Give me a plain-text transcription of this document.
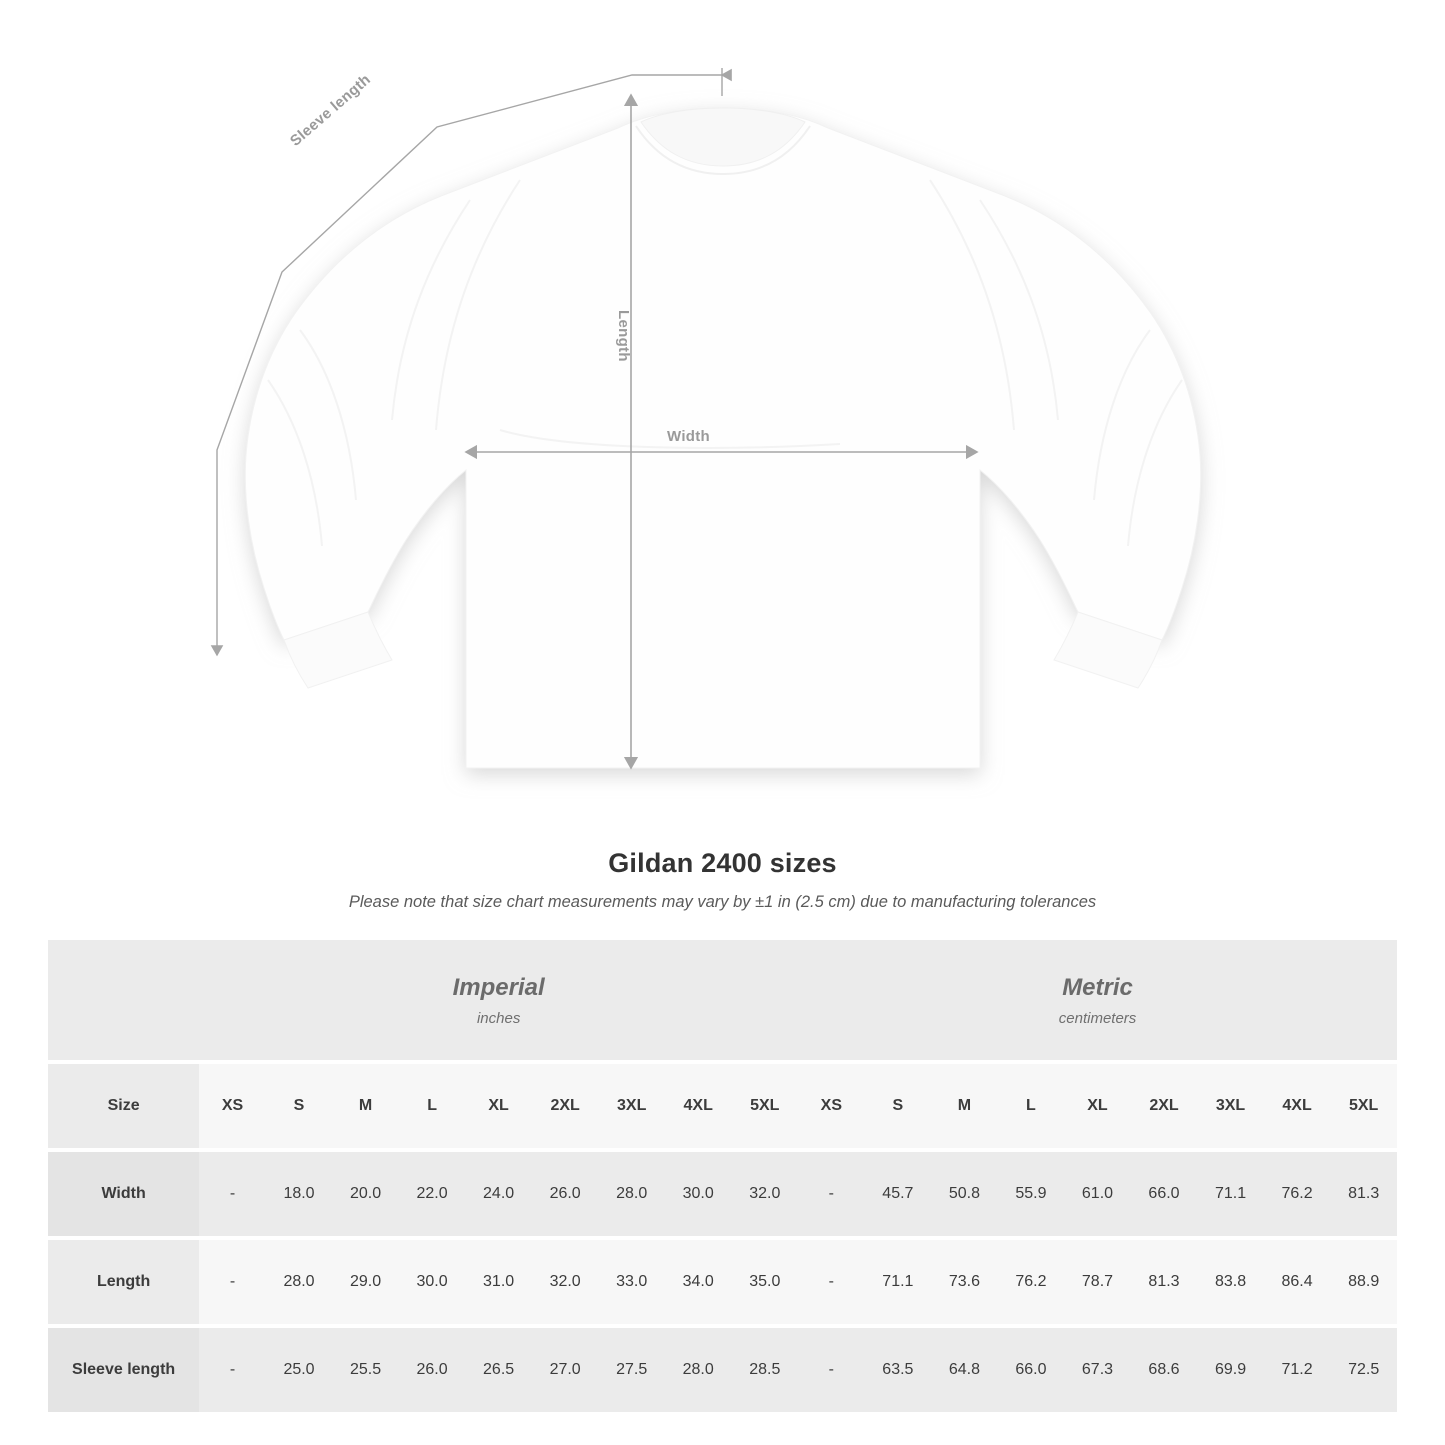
Width
Length
Sleeve length
Gildan 2400 sizes
Please note that size chart measurements may vary by ±1 in (2.5 cm) due to manufacturing tolerances

Imperial
inches

Metric
centimeters

Size	XS	S	M	L	XL	2XL	3XL	4XL	5XL	XS	S	M	L	XL	2XL	3XL	4XL	5XL

Width	-	18.0	20.0	22.0	24.0	26.0	28.0	30.0	32.0	-	45.7	50.8	55.9	61.0	66.0	71.1	76.2	81.3

Length	-	28.0	29.0	30.0	31.0	32.0	33.0	34.0	35.0	-	71.1	73.6	76.2	78.7	81.3	83.8	86.4	88.9

Sleeve length	-	25.0	25.5	26.0	26.5	27.0	27.5	28.0	28.5	-	63.5	64.8	66.0	67.3	68.6	69.9	71.2	72.5
